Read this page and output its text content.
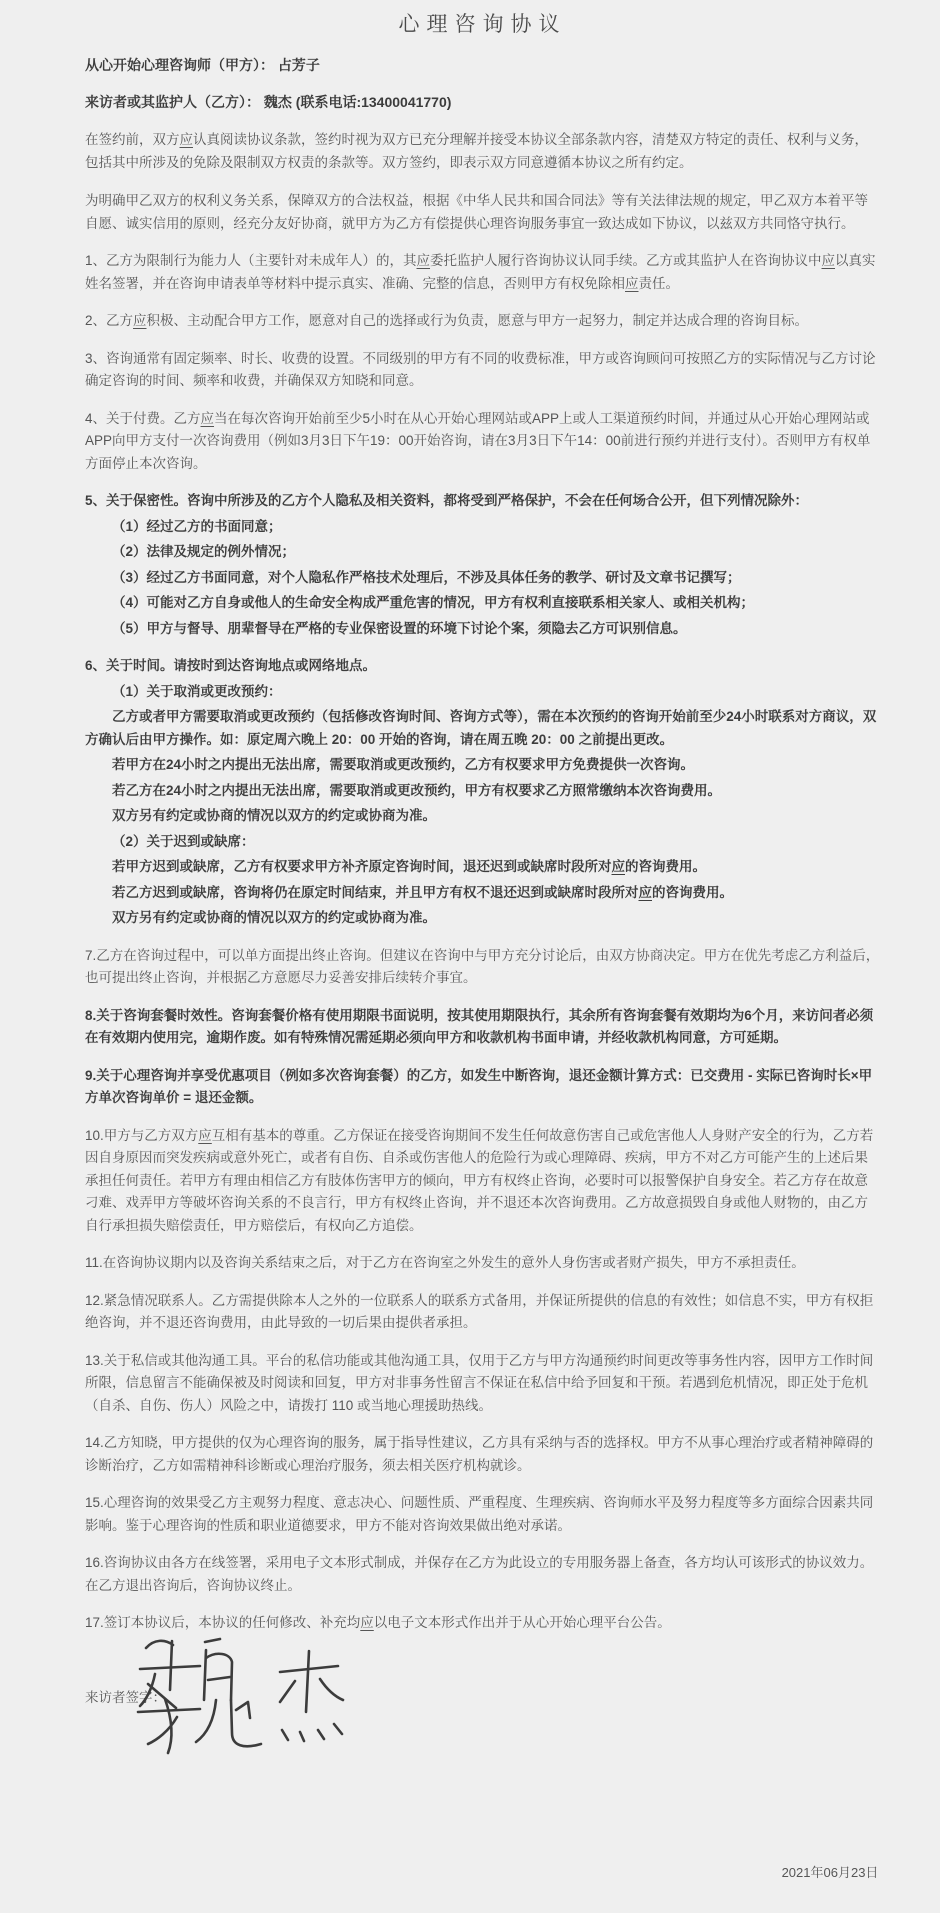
心理咨询协议
从心开始心理咨询师（甲方）： 占芳子
来访者或其监护人（乙方）： 魏杰 (联系电话:13400041770)
在签约前，双方应认真阅读协议条款，签约时视为双方已充分理解并接受本协议全部条款内容，清楚双方特定的责任、权利与义务，包括其中所涉及的免除及限制双方权责的条款等。双方签约，即表示双方同意遵循本协议之所有约定。
为明确甲乙双方的权利义务关系，保障双方的合法权益，根据《中华人民共和国合同法》等有关法律法规的规定，甲乙双方本着平等自愿、诚实信用的原则，经充分友好协商，就甲方为乙方有偿提供心理咨询服务事宜一致达成如下协议，以兹双方共同恪守执行。
1、乙方为限制行为能力人（主要针对未成年人）的，其应委托监护人履行咨询协议认同手续。乙方或其监护人在咨询协议中应以真实姓名签署，并在咨询申请表单等材料中提示真实、准确、完整的信息，否则甲方有权免除相应责任。
2、乙方应积极、主动配合甲方工作，愿意对自己的选择或行为负责，愿意与甲方一起努力，制定并达成合理的咨询目标。
3、咨询通常有固定频率、时长、收费的设置。不同级别的甲方有不同的收费标准，甲方或咨询顾问可按照乙方的实际情况与乙方讨论确定咨询的时间、频率和收费，并确保双方知晓和同意。
4、关于付费。乙方应当在每次咨询开始前至少5小时在从心开始心理网站或APP上或人工渠道预约时间，并通过从心开始心理网站或APP向甲方支付一次咨询费用（例如3月3日下午19：00开始咨询，请在3月3日下午14：00前进行预约并进行支付）。否则甲方有权单方面停止本次咨询。
5、关于保密性。咨询中所涉及的乙方个人隐私及相关资料，都将受到严格保护，不会在任何场合公开，但下列情况除外：
（1）经过乙方的书面同意；
（2）法律及规定的例外情况；
（3）经过乙方书面同意，对个人隐私作严格技术处理后，不涉及具体任务的教学、研讨及文章书记撰写；
（4）可能对乙方自身或他人的生命安全构成严重危害的情况，甲方有权利直接联系相关家人、或相关机构；
（5）甲方与督导、朋辈督导在严格的专业保密设置的环境下讨论个案，须隐去乙方可识别信息。
6、关于时间。请按时到达咨询地点或网络地点。
（1）关于取消或更改预约：
乙方或者甲方需要取消或更改预约（包括修改咨询时间、咨询方式等），需在本次预约的咨询开始前至少24小时联系对方商议，双方确认后由甲方操作。如：原定周六晚上 20：00 开始的咨询，请在周五晚 20：00 之前提出更改。
若甲方在24小时之内提出无法出席，需要取消或更改预约，乙方有权要求甲方免费提供一次咨询。
若乙方在24小时之内提出无法出席，需要取消或更改预约，甲方有权要求乙方照常缴纳本次咨询费用。
双方另有约定或协商的情况以双方的约定或协商为准。
（2）关于迟到或缺席：
若甲方迟到或缺席，乙方有权要求甲方补齐原定咨询时间，退还迟到或缺席时段所对应的咨询费用。
若乙方迟到或缺席，咨询将仍在原定时间结束，并且甲方有权不退还迟到或缺席时段所对应的咨询费用。
双方另有约定或协商的情况以双方的约定或协商为准。
7.乙方在咨询过程中，可以单方面提出终止咨询。但建议在咨询中与甲方充分讨论后，由双方协商决定。甲方在优先考虑乙方利益后，也可提出终止咨询，并根据乙方意愿尽力妥善安排后续转介事宜。
8.关于咨询套餐时效性。咨询套餐价格有使用期限书面说明，按其使用期限执行，其余所有咨询套餐有效期均为6个月，来访问者必须在有效期内使用完，逾期作废。如有特殊情况需延期必须向甲方和收款机构书面申请，并经收款机构同意，方可延期。
9.关于心理咨询并享受优惠项目（例如多次咨询套餐）的乙方，如发生中断咨询，退还金额计算方式：已交费用 - 实际已咨询时长×甲方单次咨询单价 = 退还金额。
10.甲方与乙方双方应互相有基本的尊重。乙方保证在接受咨询期间不发生任何故意伤害自己或危害他人人身财产安全的行为，乙方若因自身原因而突发疾病或意外死亡，或者有自伤、自杀或伤害他人的危险行为或心理障碍、疾病，甲方不对乙方可能产生的上述后果承担任何责任。若甲方有理由相信乙方有肢体伤害甲方的倾向，甲方有权终止咨询，必要时可以报警保护自身安全。若乙方存在故意刁难、戏弄甲方等破坏咨询关系的不良言行，甲方有权终止咨询，并不退还本次咨询费用。乙方故意损毁自身或他人财物的，由乙方自行承担损失赔偿责任，甲方赔偿后，有权向乙方追偿。
11.在咨询协议期内以及咨询关系结束之后，对于乙方在咨询室之外发生的意外人身伤害或者财产损失，甲方不承担责任。
12.紧急情况联系人。乙方需提供除本人之外的一位联系人的联系方式备用，并保证所提供的信息的有效性；如信息不实，甲方有权拒绝咨询，并不退还咨询费用，由此导致的一切后果由提供者承担。
13.关于私信或其他沟通工具。平台的私信功能或其他沟通工具，仅用于乙方与甲方沟通预约时间更改等事务性内容，因甲方工作时间所限，信息留言不能确保被及时阅读和回复，甲方对非事务性留言不保证在私信中给予回复和干预。若遇到危机情况，即正处于危机（自杀、自伤、伤人）风险之中，请拨打 110 或当地心理援助热线。
14.乙方知晓，甲方提供的仅为心理咨询的服务，属于指导性建议，乙方具有采纳与否的选择权。甲方不从事心理治疗或者精神障碍的诊断治疗，乙方如需精神科诊断或心理治疗服务，须去相关医疗机构就诊。
15.心理咨询的效果受乙方主观努力程度、意志决心、问题性质、严重程度、生理疾病、咨询师水平及努力程度等多方面综合因素共同影响。鉴于心理咨询的性质和职业道德要求，甲方不能对咨询效果做出绝对承诺。
16.咨询协议由各方在线签署，采用电子文本形式制成，并保存在乙方为此设立的专用服务器上备查，各方均认可该形式的协议效力。在乙方退出咨询后，咨询协议终止。
17.签订本协议后，本协议的任何修改、补充均应以电子文本形式作出并于从心开始心理平台公告。
来访者签字：
2021年06月23日
